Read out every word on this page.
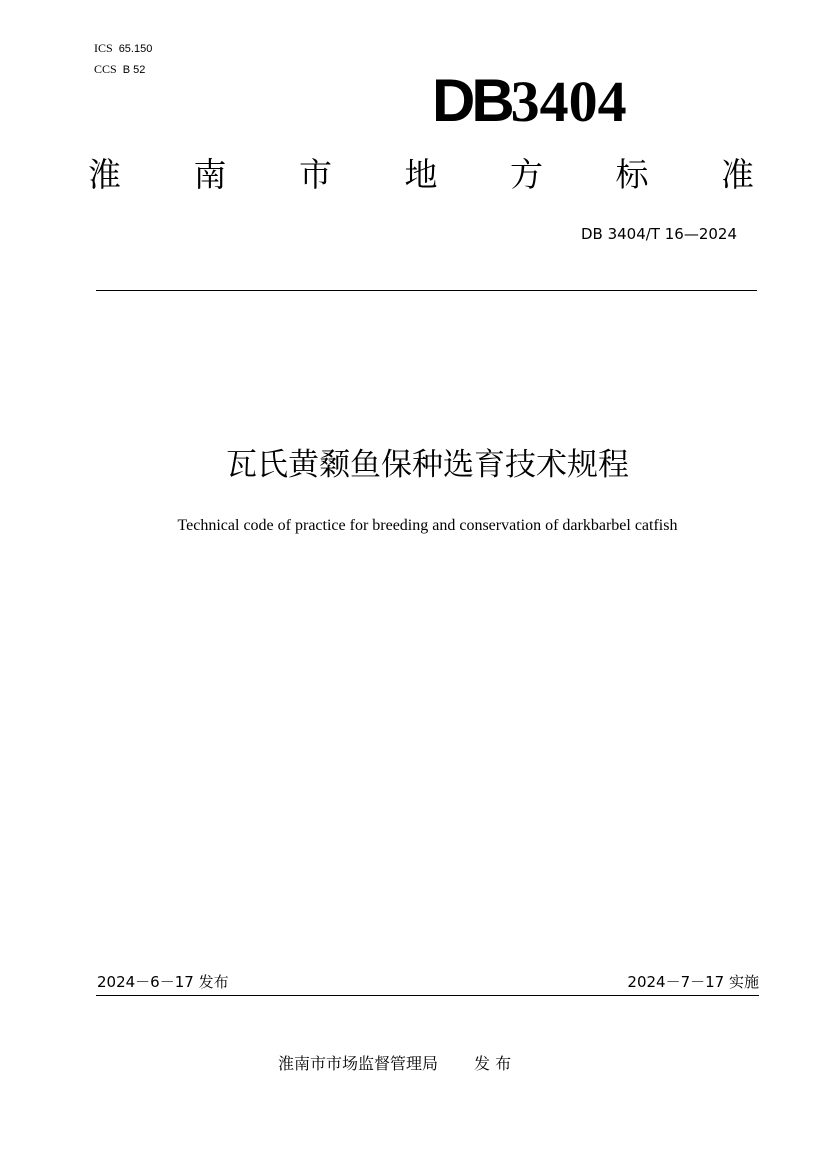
ICS 65.150
CCS B 52	DB3404
淮 南 市 地 方 标 准
DB 3404/T 16—2024
瓦氏黄颡鱼保种选育技术规程
Technical code of practice for breeding and conservation of darkbarbel catfish
2024－6－17 发布	2024－7－17 实施
淮南市市场监督管理局 发 布
